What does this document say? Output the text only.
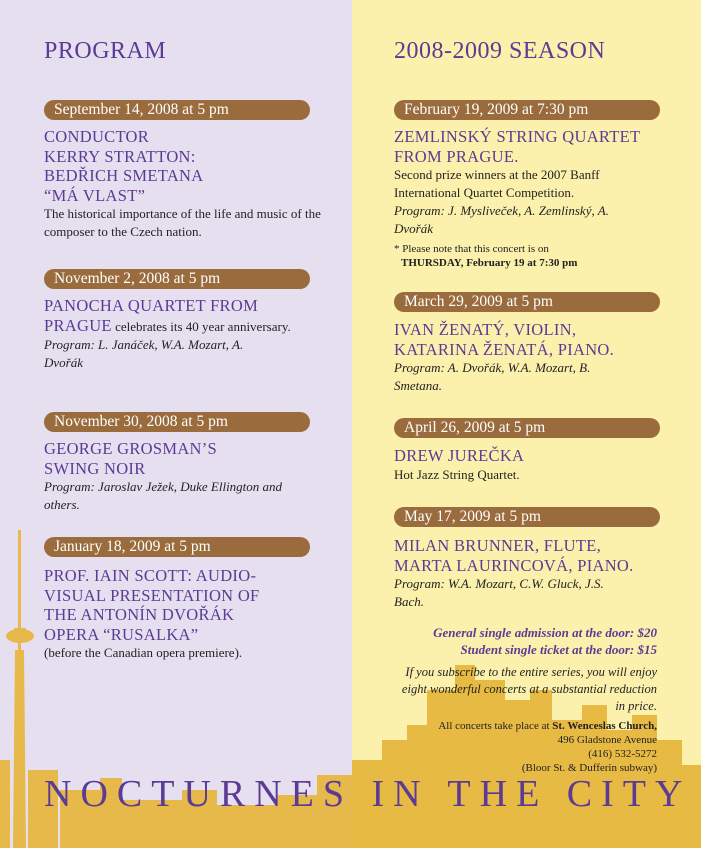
PROGRAM
September 14, 2008 at 5 pm
CONDUCTOR
KERRY STRATTON:
BEDŘICH SMETANA
“MÁ VLAST”
The historical importance of the life and music of the composer to the Czech nation.
November 2, 2008 at 5 pm
PANOCHA QUARTET FROM
PRAGUE celebrates its 40 year anniversary.
Program: L. Janáček, W.A. Mozart, A. Dvořák
November 30, 2008 at 5 pm
GEORGE GROSMAN’S
SWING NOIR
Program: Jaroslav Ježek, Duke Ellington and others.
January 18, 2009 at 5 pm
PROF. IAIN SCOTT: AUDIO-
VISUAL PRESENTATION OF
THE ANTONÍN DVOŘÁK
OPERA “RUSALKA”
(before the Canadian opera premiere).
2008-2009 SEASON
February 19, 2009 at 7:30 pm
ZEMLINSKÝ STRING QUARTET
FROM PRAGUE.
Second prize winners at the 2007 Banff International Quartet Competition.
Program: J. Mysliveček, A. Zemlinský, A. Dvořák
* Please note that this concert is on
THURSDAY, February 19 at 7:30 pm
March 29, 2009 at 5 pm
IVAN ŽENATÝ, VIOLIN,
KATARINA ŽENATÁ, PIANO.
Program: A. Dvořák, W.A. Mozart, B. Smetana.
April 26, 2009 at 5 pm
DREW JUREČKA
Hot Jazz String Quartet.
May 17, 2009 at 5 pm
MILAN BRUNNER, FLUTE,
MARTA LAURINCOVÁ, PIANO.
Program: W.A. Mozart, C.W. Gluck, J.S. Bach.
General single admission at the door: $20
Student single ticket at the door: $15
If you subscribe to the entire series, you will enjoy eight wonderful concerts at a substantial reduction in price.
All concerts take place at St. Wenceslas Church,
496 Gladstone Avenue
(416) 532-5272
(Bloor St. & Dufferin subway)
NOCTURNES IN THE CITY
